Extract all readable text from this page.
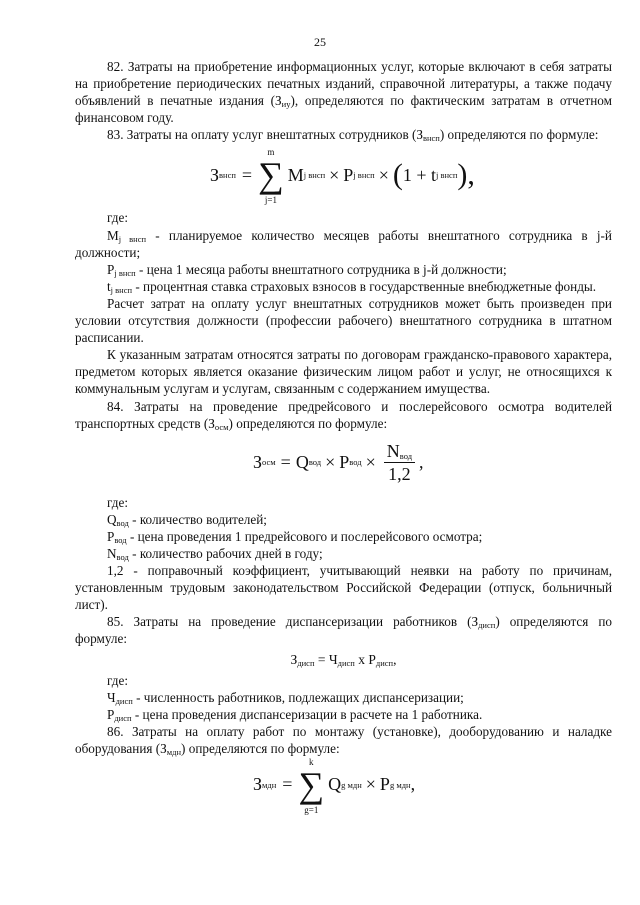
25

82. Затраты на приобретение информационных услуг, которые включают в себя затраты на приобретение периодических печатных изданий, справочной литературы, а также подачу объявлений в печатные издания $(З_{иу})$, определяются по фактическим затратам в отчетном финансовом году.

83. Затраты на оплату услуг внештатных сотрудников $(З_{внсп})$ определяются по формуле:

З внсп =
m
∑
j=1
M j внсп × P j внсп × ( 1 + t j внсп ),

где:

$M_{j внсп}$ - планируемое количество месяцев работы внештатного сотрудника в j-й должности;

$P_{j внсп}$ - цена 1 месяца работы внештатного сотрудника в j-й должности;

$t_{j внсп}$ - процентная ставка страховых взносов в государственные внебюджетные фонды.

Расчет затрат на оплату услуг внештатных сотрудников может быть произведен при условии отсутствия должности (профессии рабочего) внештатного сотрудника в штатном расписании.

К указанным затратам относятся затраты по договорам гражданско-правового характера, предметом которых является оказание физическим лицом работ и услуг, не относящихся к коммунальным услугам и услугам, связанным с содержанием имущества.

84. Затраты на проведение предрейсового и послерейсового осмотра водителей транспортных средств $(З_{осм})$ определяются по формуле:

З осм = Q вод × P вод × $\frac{N_{вод}}{1,2}$ ,

где:

$Q_{вод}$ - количество водителей;

$P_{вод}$ - цена проведения 1 предрейсового и послерейсового осмотра;

$N_{вод}$ - количество рабочих дней в году;

1,2 - поправочный коэффициент, учитывающий неявки на работу по причинам, установленным трудовым законодательством Российской Федерации (отпуск, больничный лист).

85. Затраты на проведение диспансеризации работников $(З_{дисп})$ определяются по формуле:

$З_{дисп} = Ч_{дисп}$ х $P_{дисп}$,

где:

$Ч_{дисп}$ - численность работников, подлежащих диспансеризации;

$P_{дисп}$ - цена проведения диспансеризации в расчете на 1 работника.

86. Затраты на оплату работ по монтажу (установке), дооборудованию и наладке оборудования $(З_{мдн})$ определяются по формуле:

З мдн =
k
∑
g=1
Q g мдн × P g мдн ,
